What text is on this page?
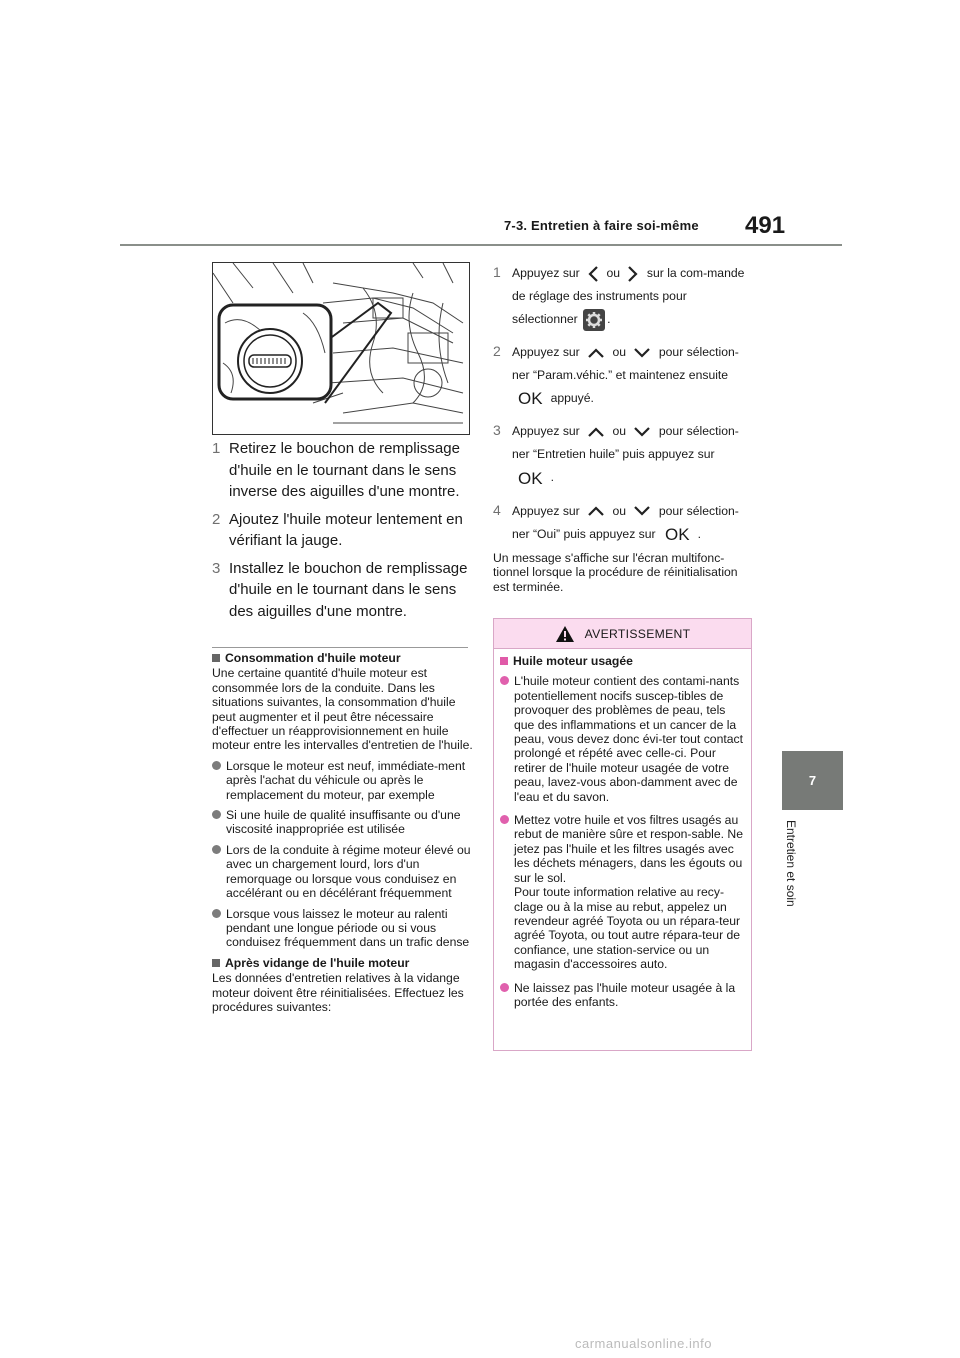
7-3. Entretien à faire soi-même 491
7
Entretien et soin
1 Retirez le bouchon de remplissage d'huile en le tournant dans le sens inverse des aiguilles d'une montre.
2 Ajoutez l'huile moteur lentement en vérifiant la jauge.
3 Installez le bouchon de remplissage d'huile en le tournant dans le sens des aiguilles d'une montre.
Consommation d'huile moteur

Une certaine quantité d'huile moteur est consommée lors de la conduite. Dans les situations suivantes, la consommation d'huile peut augmenter et il peut être nécessaire d'effectuer un réapprovisionnement en huile moteur entre les intervalles d'entretien de l'huile.

Lorsque le moteur est neuf, immédiate-ment après l'achat du véhicule ou après le remplacement du moteur, par exemple
Si une huile de qualité insuffisante ou d'une viscosité inappropriée est utilisée
Lors de la conduite à régime moteur élevé ou avec un chargement lourd, lors d'un remorquage ou lorsque vous conduisez en accélérant ou en décélérant fréquemment
Lorsque vous laissez le moteur au ralenti pendant une longue période ou si vous conduisez fréquemment dans un trafic dense
Après vidange de l'huile moteur

Les données d'entretien relatives à la vidange moteur doivent être réinitialisées. Effectuez les procédures suivantes:

1 Appuyez sur ou sur la com-mande de réglage des instruments pour sélectionner .
2 Appuyez sur	ou	pour sélection-ner “Param.véhic.” et maintenez ensuite
OK appuyé.
3 Appuyez sur	ou	pour sélection-ner “Entretien huile” puis appuyez sur
OK .
4 Appuyez sur	ou	pour sélection-ner “Oui” puis appuyez sur OK .
Un message s'affiche sur l'écran multifonc-tionnel lorsque la procédure de réinitialisation est terminée.
AVERTISSEMENT
Huile moteur usagée
L'huile moteur contient des contami-nants potentiellement nocifs suscep-tibles de provoquer des problèmes de peau, tels que des inflammations et un cancer de la peau, vous devez donc évi-ter tout contact prolongé et répété avec celle-ci. Pour retirer de l'huile moteur usagée de votre peau, lavez-vous abon-damment avec de l'eau et du savon.
Mettez votre huile et vos filtres usagés au rebut de manière sûre et respon-sable. Ne jetez pas l'huile et les filtres usagés avec les déchets ménagers, dans les égouts ou sur le sol.
Pour toute information relative au recy-clage ou à la mise au rebut, appelez un revendeur agréé Toyota ou un répara-teur agréé Toyota, ou tout autre répara-teur de confiance, une station-service ou un magasin d'accessoires auto.
Ne laissez pas l'huile moteur usagée à la portée des enfants.
carmanualsonline.info
